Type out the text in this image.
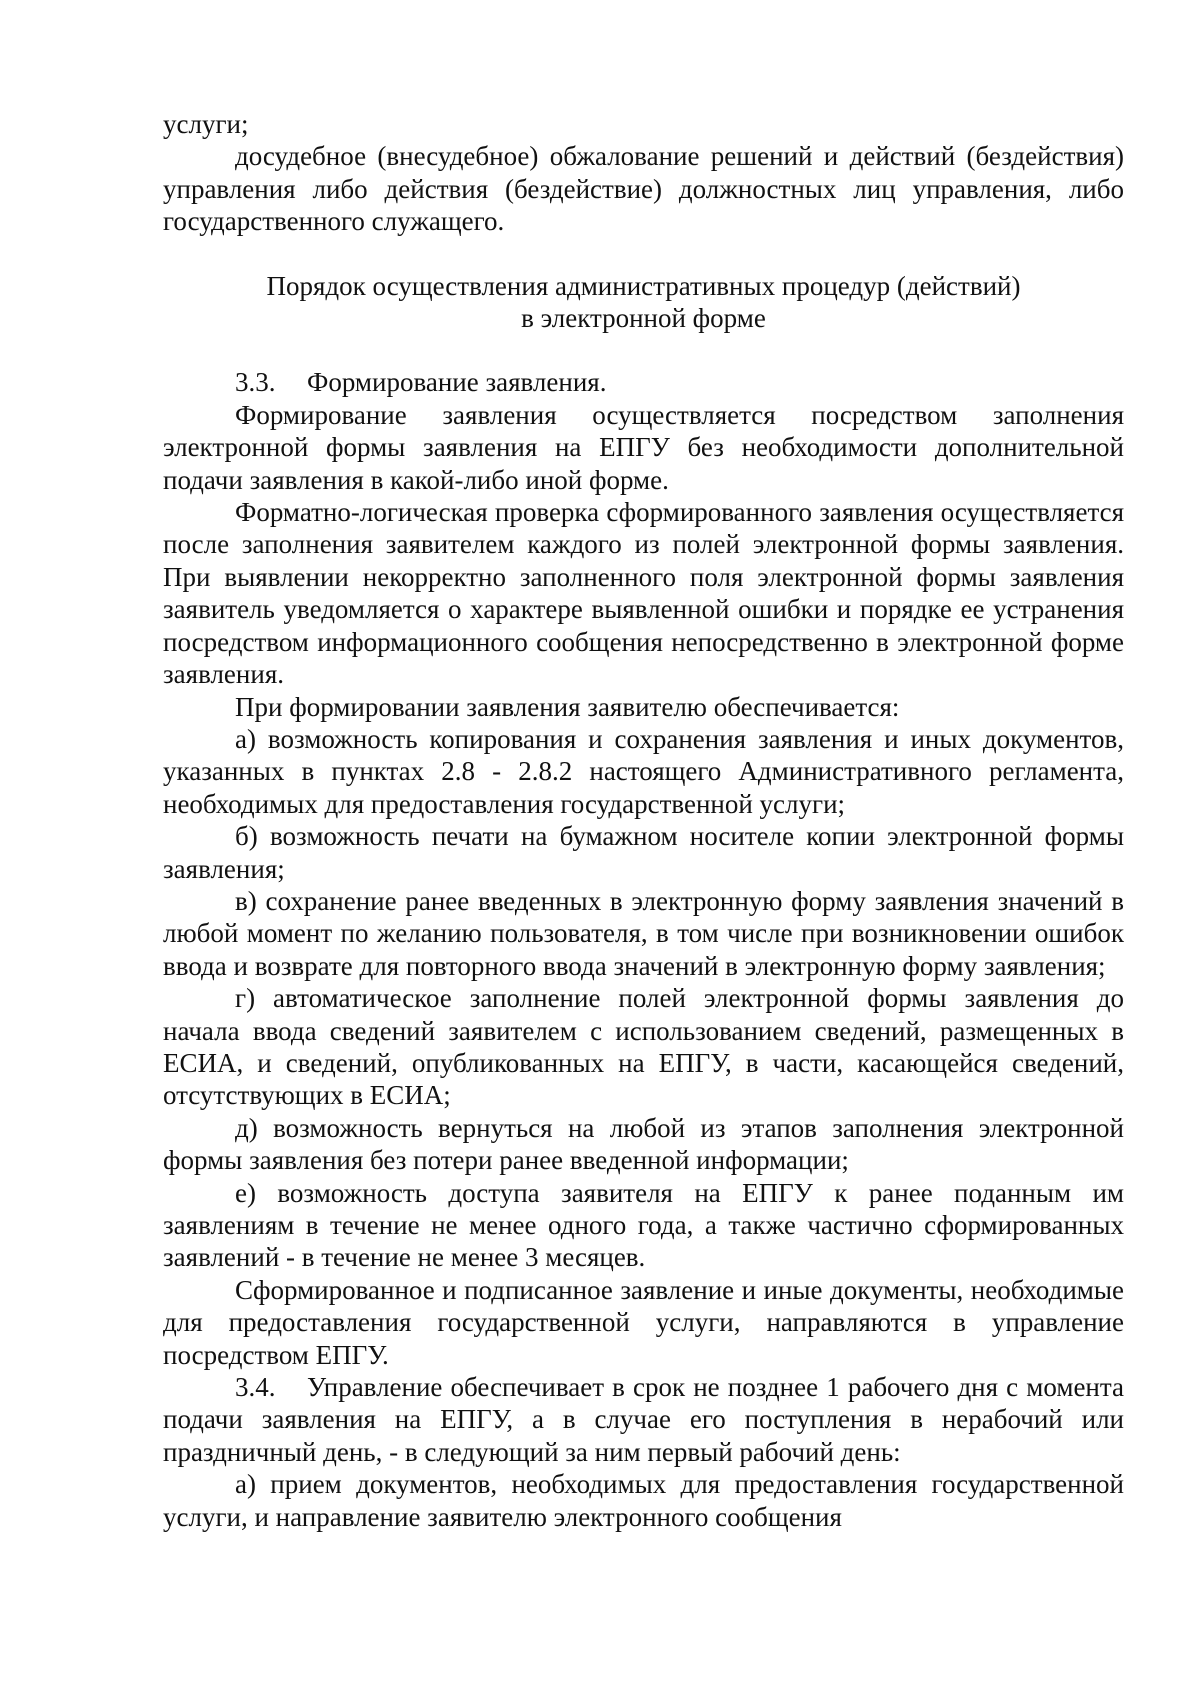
услуги;

досудебное (внесудебное) обжалование решений и действий (бездействия) управления либо действия (бездействие) должностных лиц управления, либо государственного служащего.

Порядок осуществления административных процедур (действий)
в электронной форме

3.3. Формирование заявления.

Формирование заявления осуществляется посредством заполнения электронной формы заявления на ЕПГУ без необходимости дополнительной подачи заявления в какой-либо иной форме.

Форматно-логическая проверка сформированного заявления осуществляется после заполнения заявителем каждого из полей электронной формы заявления. При выявлении некорректно заполненного поля электронной формы заявления заявитель уведомляется о характере выявленной ошибки и порядке ее устранения посредством информационного сообщения непосредственно в электронной форме заявления.

При формировании заявления заявителю обеспечивается:

а) возможность копирования и сохранения заявления и иных документов, указанных в пунктах 2.8 - 2.8.2 настоящего Административного регламента, необходимых для предоставления государственной услуги;

б) возможность печати на бумажном носителе копии электронной формы заявления;

в) сохранение ранее введенных в электронную форму заявления значений в любой момент по желанию пользователя, в том числе при возникновении ошибок ввода и возврате для повторного ввода значений в электронную форму заявления;

г) автоматическое заполнение полей электронной формы заявления до начала ввода сведений заявителем с использованием сведений, размещенных в ЕСИА, и сведений, опубликованных на ЕПГУ, в части, касающейся сведений, отсутствующих в ЕСИА;

д) возможность вернуться на любой из этапов заполнения электронной формы заявления без потери ранее введенной информации;

е) возможность доступа заявителя на ЕПГУ к ранее поданным им заявлениям в течение не менее одного года, а также частично сформированных заявлений - в течение не менее 3 месяцев.

Сформированное и подписанное заявление и иные документы, необходимые для предоставления государственной услуги, направляются в управление посредством ЕПГУ.

3.4. Управление обеспечивает в срок не позднее 1 рабочего дня с момента подачи заявления на ЕПГУ, а в случае его поступления в нерабочий или праздничный день, - в следующий за ним первый рабочий день:

а) прием документов, необходимых для предоставления государственной услуги, и направление заявителю электронного сообщения
